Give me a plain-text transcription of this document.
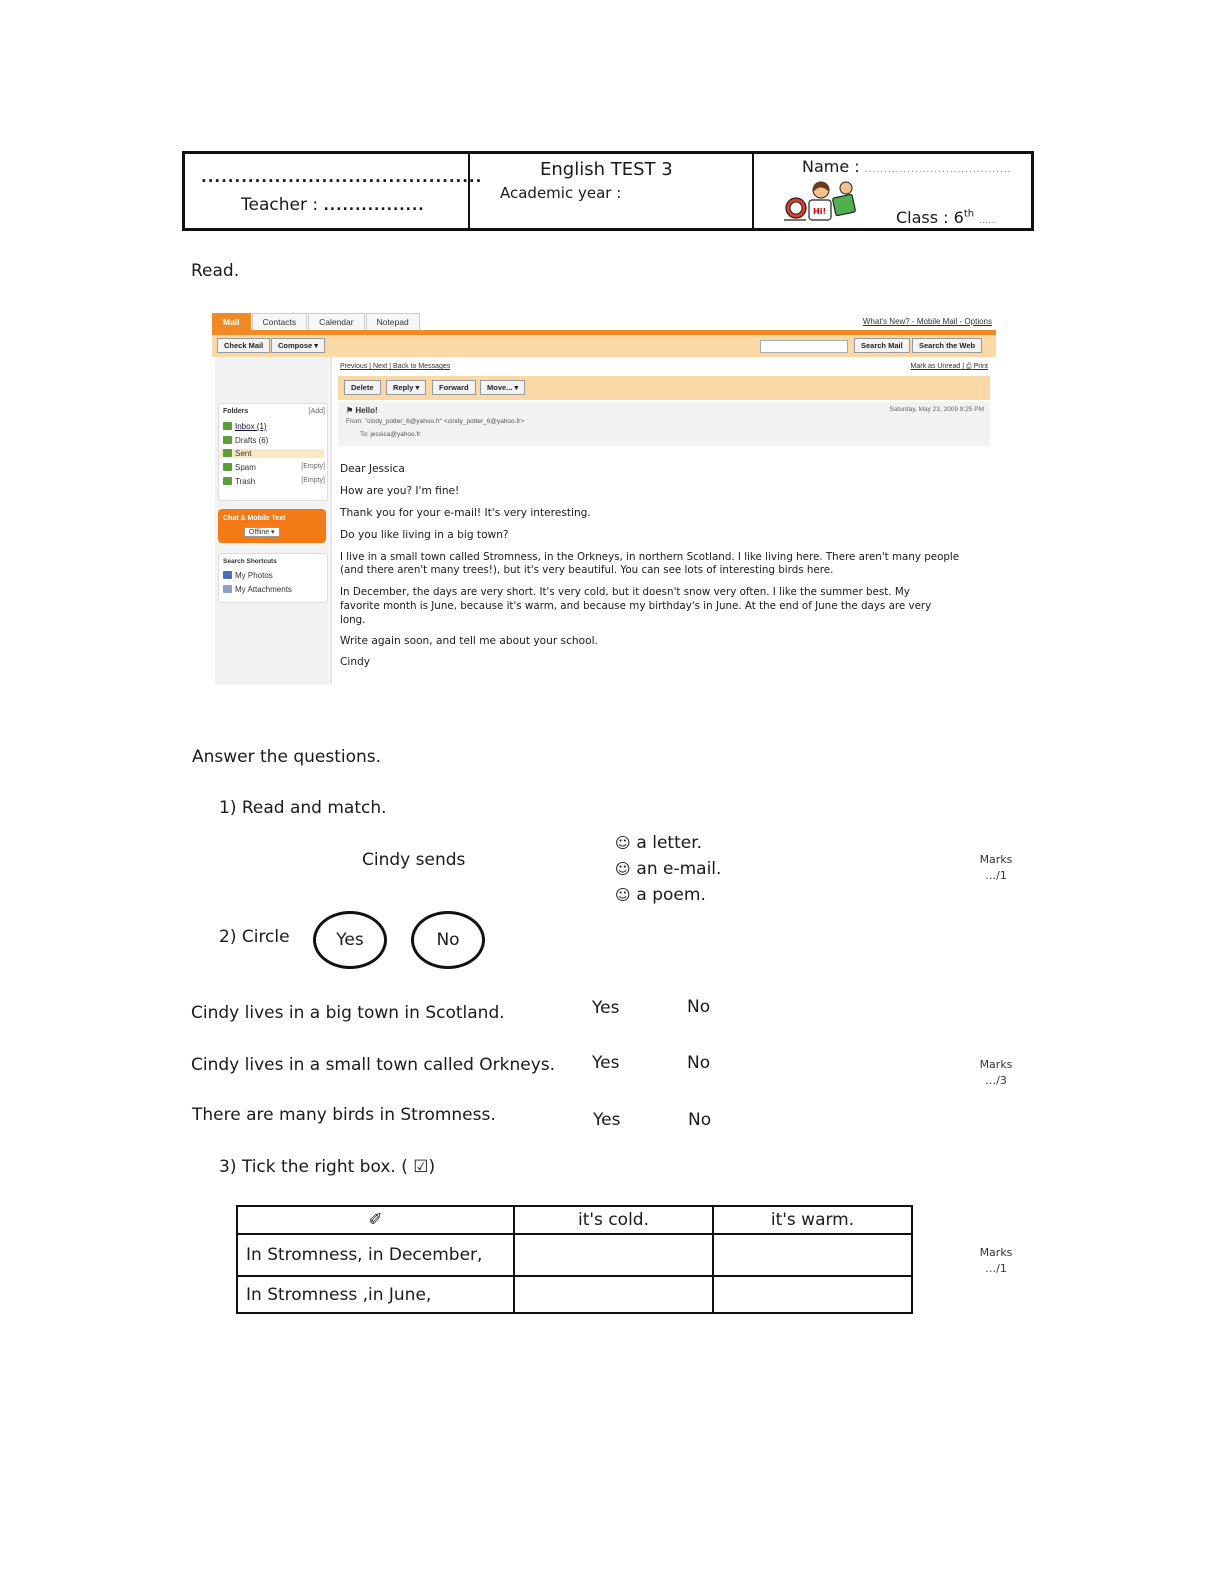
..........................................
Teacher : ................
English TEST 3
Academic year :
Name : ......................................
Hi!	Class : 6th ......
Read.
Mail	Contacts	Calendar	Notepad	What's New? - Mobile Mail - Options
Check Mail	Compose ▾	Search Mail	Search the Web
Folders	[Add]
Inbox (1)
Drafts (6)
Sent
Spam	[Empty]
Trash	[Empty]
Chat & Mobile Text
Offline ▾
Search Shortcuts
My Photos
My Attachments
Previous | Next | Back to Messages	Mark as Unread | ⎙ Print
Delete	Reply ▾	Forward	Move... ▾
⚑ Hello!	Saturday, May 23, 2009 9:25 PM
From: "cindy_potter_6@yahoo.fr" <cindy_potter_6@yahoo.fr>
To: jessica@yahoo.fr
Dear Jessica
How are you? I'm fine!
Thank you for your e-mail! It's very interesting.
Do you like living in a big town?
I live in a small town called Stromness, in the Orkneys, in northern Scotland. I like living here. There aren't many people
(and there aren't many trees!), but it's very beautiful. You can see lots of interesting birds here.
In December, the days are very short. It's very cold, but it doesn't snow very often. I like the summer best. My
favorite month is June, because it's warm, and because my birthday's in June. At the end of June the days are very
long.
Write again soon, and tell me about your school.
Cindy
Answer the questions.
1) Read and match.
Cindy sends
☺ a letter.
☺ an e-mail.
☺ a poem.
Marks
…/1
2) Circle	Yes	No
Cindy lives in a big town in Scotland.	Yes	No
Cindy lives in a small town called Orkneys. Yes	No
There are many birds in Stromness.	Yes	No
Marks
…/3
3) Tick the right box. ( ☑)
✐	it's cold.	it's warm.
In Stromness, in December,		
In Stromness ,in June,		
Marks
…/1
